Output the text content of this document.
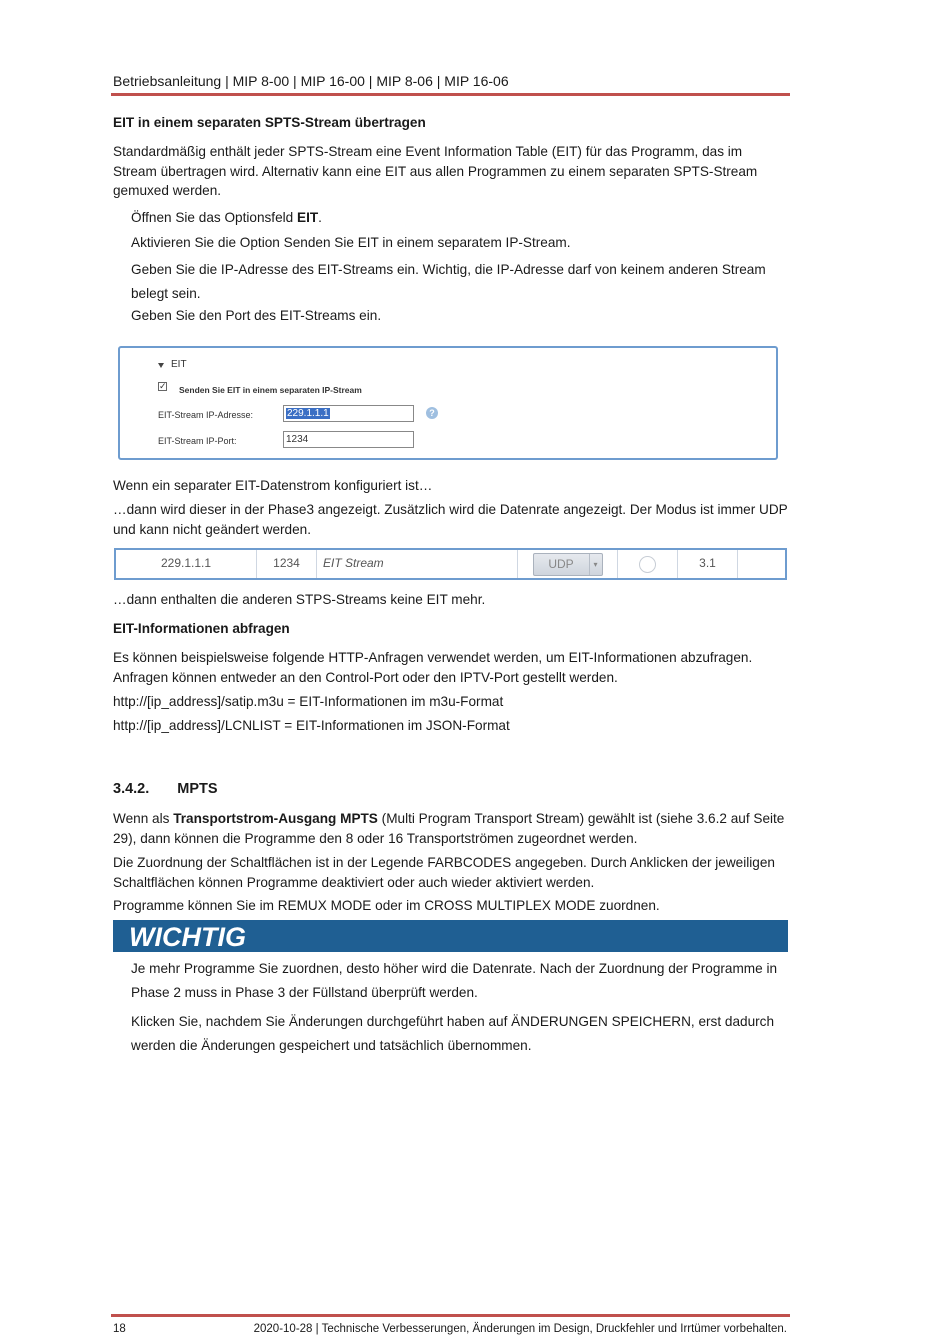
Betriebsanleitung | MIP 8-00 | MIP 16-00 | MIP 8-06 | MIP 16-06
EIT in einem separaten SPTS-Stream übertragen
Standardmäßig enthält jeder SPTS-Stream eine Event Information Table (EIT) für das Programm, das im Stream übertragen wird. Alternativ kann eine EIT aus allen Programmen zu einem separaten SPTS-Stream gemuxed werden.
Öffnen Sie das Optionsfeld EIT.
Aktivieren Sie die Option Senden Sie EIT in einem separatem IP-Stream.
Geben Sie die IP-Adresse des EIT-Streams ein. Wichtig, die IP-Adresse darf von keinem anderen Stream belegt sein.
Geben Sie den Port des EIT-Streams ein.
EIT
✓ Senden Sie EIT in einem separaten IP-Stream
EIT-Stream IP-Adresse:	229.1.1.1	?
EIT-Stream IP-Port:	1234
Wenn ein separater EIT-Datenstrom konfiguriert ist…
…dann wird dieser in der Phase3 angezeigt. Zusätzlich wird die Datenrate angezeigt. Der Modus ist immer UDP und kann nicht geändert werden.
229.1.1.1	1234 EIT Stream	UDP	▾	3.1
…dann enthalten die anderen STPS-Streams keine EIT mehr.
EIT-Informationen abfragen
Es können beispielsweise folgende HTTP-Anfragen verwendet werden, um EIT-Informationen abzufragen. Anfragen können entweder an den Control-Port oder den IPTV-Port gestellt werden.
http://[ip_address]/satip.m3u = EIT-Informationen im m3u-Format
http://[ip_address]/LCNLIST = EIT-Informationen im JSON-Format
3.4.2. MPTS
Wenn als Transportstrom-Ausgang MPTS (Multi Program Transport Stream) gewählt ist (siehe 3.6.2 auf Seite 29), dann können die Programme den 8 oder 16 Transportströmen zugeordnet werden.
Die Zuordnung der Schaltflächen ist in der Legende FARBCODES angegeben. Durch Anklicken der jeweiligen Schaltflächen können Programme deaktiviert oder auch wieder aktiviert werden.
Programme können Sie im REMUX MODE oder im CROSS MULTIPLEX MODE zuordnen.
WICHTIG
Je mehr Programme Sie zuordnen, desto höher wird die Datenrate. Nach der Zuordnung der Programme in Phase 2 muss in Phase 3 der Füllstand überprüft werden.
Klicken Sie, nachdem Sie Änderungen durchgeführt haben auf ÄNDERUNGEN SPEICHERN, erst dadurch werden die Änderungen gespeichert und tatsächlich übernommen.
18	2020-10-28 | Technische Verbesserungen, Änderungen im Design, Druckfehler und Irrtümer vorbehalten.
